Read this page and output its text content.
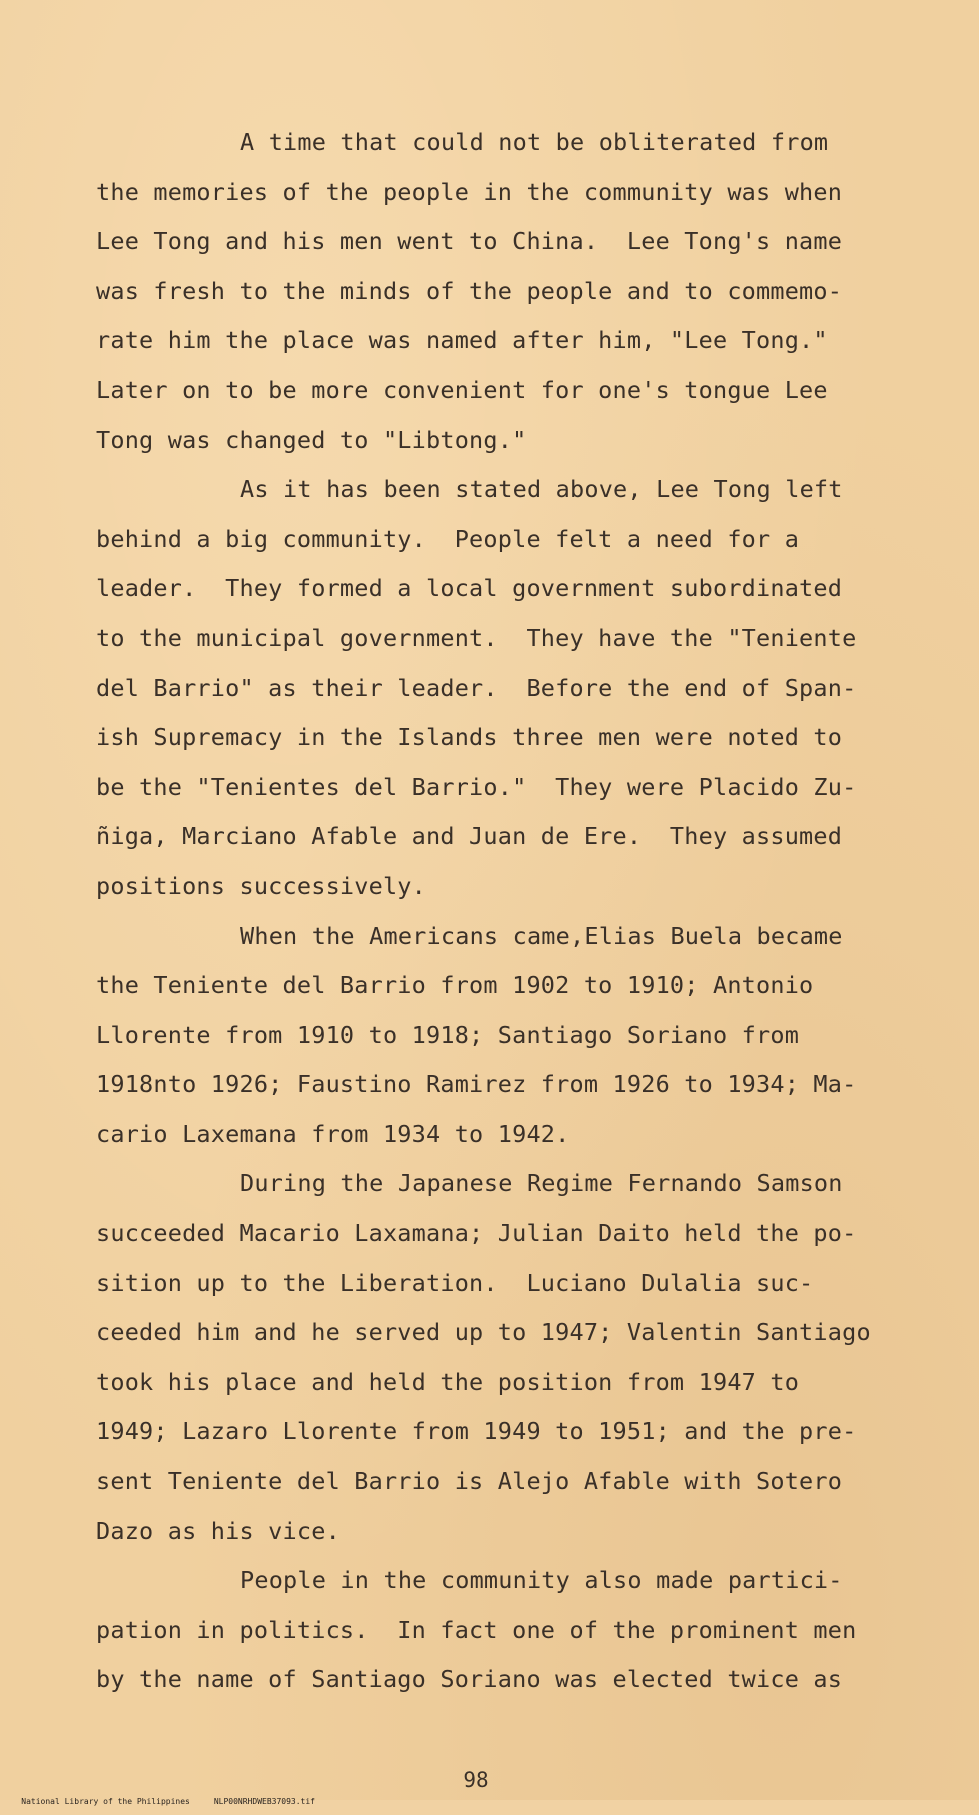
A time that could not be obliterated from
the memories of the people in the community was when
Lee Tong and his men went to China.  Lee Tong's name
was fresh to the minds of the people and to commemo-
rate him the place was named after him, "Lee Tong."
Later on to be more convenient for one's tongue Lee
Tong was changed to "Libtong."
As it has been stated above, Lee Tong left
behind a big community.  People felt a need for a
leader.  They formed a local government subordinated
to the municipal government.  They have the "Teniente
del Barrio" as their leader.  Before the end of Span-
ish Supremacy in the Islands three men were noted to
be the "Tenientes del Barrio."  They were Placido Zu-
ñiga, Marciano Afable and Juan de Ere.  They assumed
positions successively.
When the Americans came,Elias Buela became
the Teniente del Barrio from 1902 to 1910; Antonio
Llorente from 1910 to 1918; Santiago Soriano from
1918nto 1926; Faustino Ramirez from 1926 to 1934; Ma-
cario Laxemana from 1934 to 1942.
During the Japanese Regime Fernando Samson
succeeded Macario Laxamana; Julian Daito held the po-
sition up to the Liberation.  Luciano Dulalia suc-
ceeded him and he served up to 1947; Valentin Santiago
took his place and held the position from 1947 to
1949; Lazaro Llorente from 1949 to 1951; and the pre-
sent Teniente del Barrio is Alejo Afable with Sotero
Dazo as his vice.
People in the community also made partici-
pation in politics.  In fact one of the prominent men
by the name of Santiago Soriano was elected twice as
98

National Library of the Philippines	NLP00NRHDWEB37093.tif
